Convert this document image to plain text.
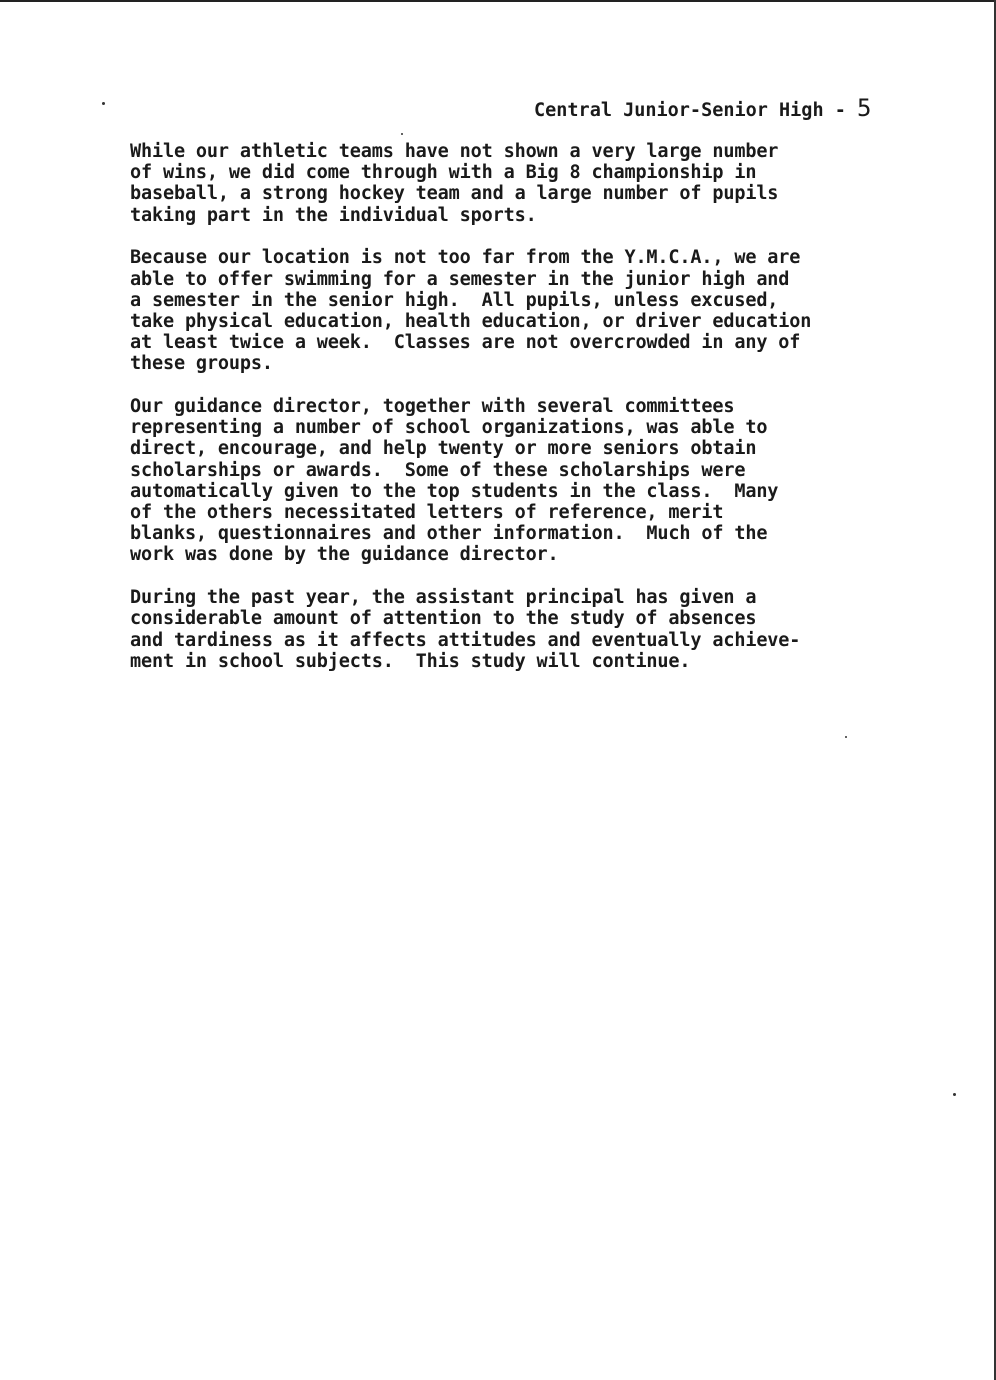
Central Junior-Senior High - 5
While our athletic teams have not shown a very large number
of wins, we did come through with a Big 8 championship in
baseball, a strong hockey team and a large number of pupils
taking part in the individual sports.
Because our location is not too far from the Y.M.C.A., we are
able to offer swimming for a semester in the junior high and
a semester in the senior high.  All pupils, unless excused,
take physical education, health education, or driver education
at least twice a week.  Classes are not overcrowded in any of
these groups.
Our guidance director, together with several committees
representing a number of school organizations, was able to
direct, encourage, and help twenty or more seniors obtain
scholarships or awards.  Some of these scholarships were
automatically given to the top students in the class.  Many
of the others necessitated letters of reference, merit
blanks, questionnaires and other information.  Much of the
work was done by the guidance director.
During the past year, the assistant principal has given a
considerable amount of attention to the study of absences
and tardiness as it affects attitudes and eventually achieve-
ment in school subjects.  This study will continue.
